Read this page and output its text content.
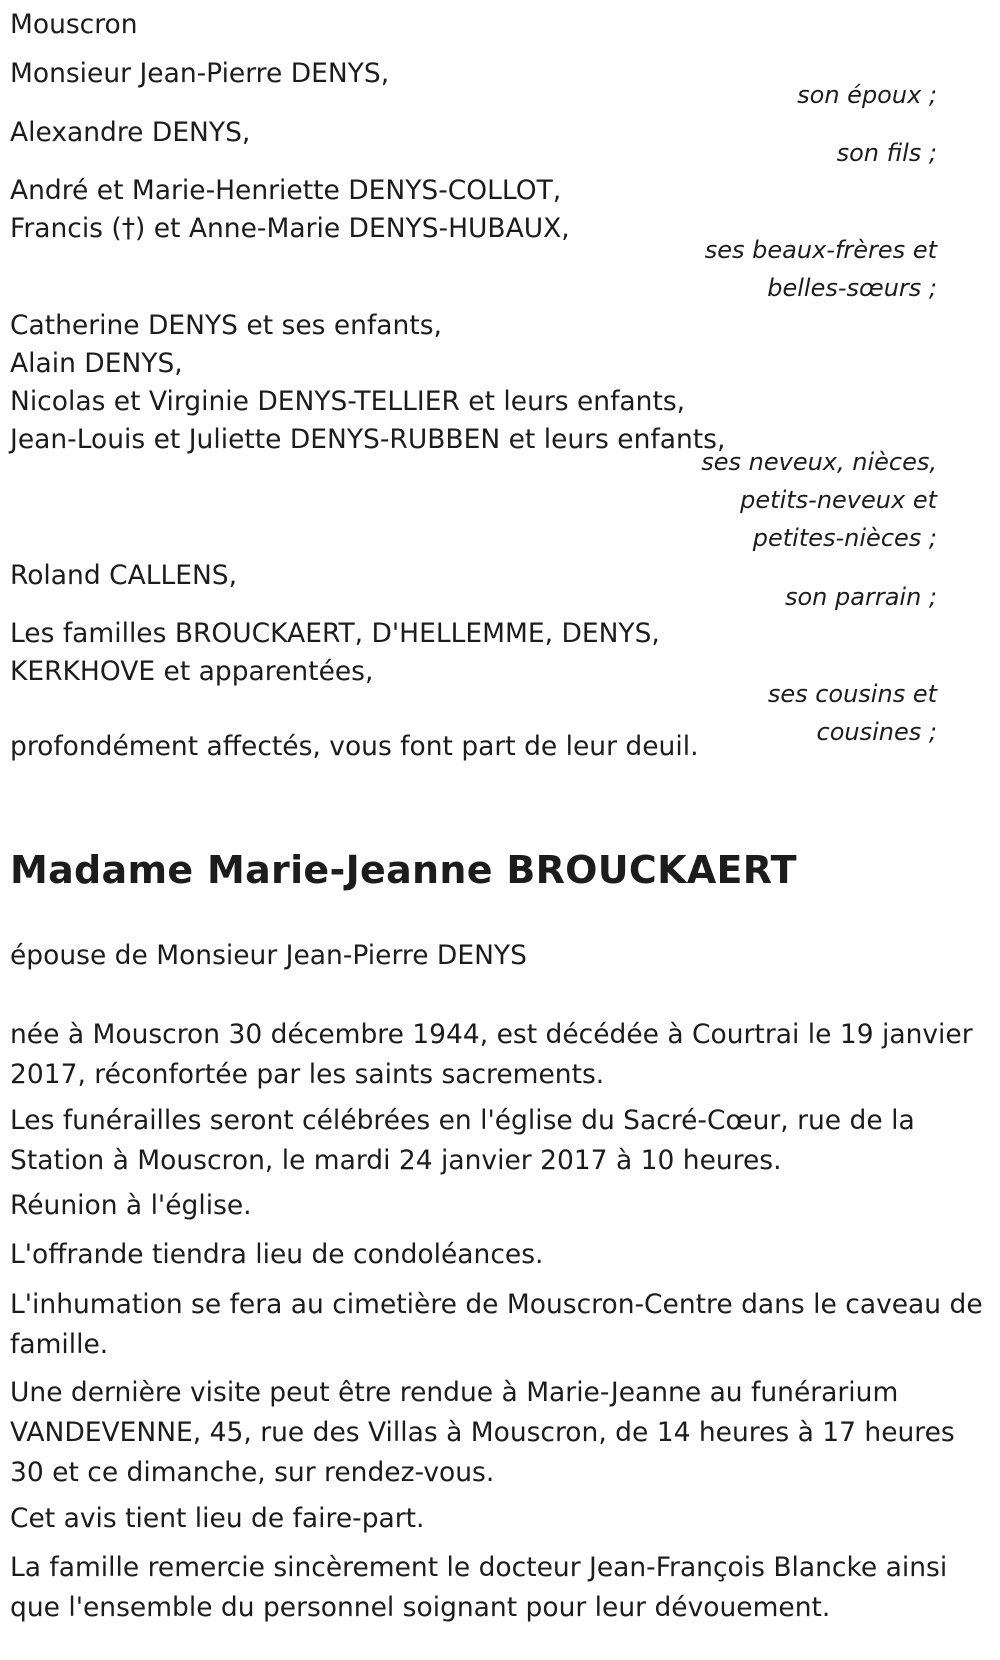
Mouscron
Monsieur Jean-Pierre DENYS,
son époux ;
Alexandre DENYS,
son fils ;
André et Marie-Henriette DENYS-COLLOT,
Francis (†) et Anne-Marie DENYS-HUBAUX,
ses beaux-frères et
belles-sœurs ;
Catherine DENYS et ses enfants,
Alain DENYS,
Nicolas et Virginie DENYS-TELLIER et leurs enfants,
Jean-Louis et Juliette DENYS-RUBBEN et leurs enfants,
ses neveux, nièces,
petits-neveux et
petites-nièces ;
Roland CALLENS,
son parrain ;
Les familles BROUCKAERT, D'HELLEMME, DENYS,
KERKHOVE et apparentées,
ses cousins et
cousines ;
profondément affectés, vous font part de leur deuil.
Madame Marie-Jeanne BROUCKAERT
épouse de Monsieur Jean-Pierre DENYS
née à Mouscron 30 décembre 1944, est décédée à Courtrai le 19 janvier 2017, réconfortée par les saints sacrements.
Les funérailles seront célébrées en l'église du Sacré-Cœur, rue de la Station à Mouscron, le mardi 24 janvier 2017 à 10 heures.
Réunion à l'église.
L'offrande tiendra lieu de condoléances.
L'inhumation se fera au cimetière de Mouscron-Centre dans le caveau de famille.
Une dernière visite peut être rendue à Marie-Jeanne au funérarium VANDEVENNE, 45, rue des Villas à Mouscron, de 14 heures à 17 heures 30 et ce dimanche, sur rendez-vous.
Cet avis tient lieu de faire-part.
La famille remercie sincèrement le docteur Jean-François Blancke ainsi que l'ensemble du personnel soignant pour leur dévouement.
